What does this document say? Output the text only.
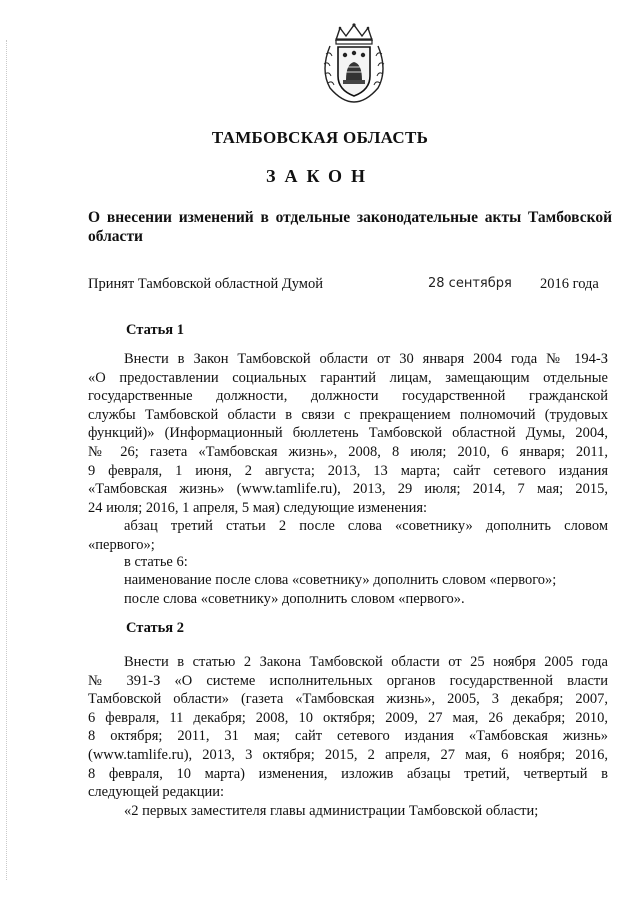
ТАМБОВСКАЯ ОБЛАСТЬ
ЗАКОН
О внесении изменений в отдельные законодательные акты Тамбовской области
Принят Тамбовской областной Думой	28 сентября 2016 года
Статья 1
Внести в Закон Тамбовской области от 30 января 2004 года № 194-З
«О предоставлении социальных гарантий лицам, замещающим отдельные
государственные должности, должности государственной гражданской
службы Тамбовской области в связи с прекращением полномочий (трудовых
функций)» (Информационный бюллетень Тамбовской областной Думы, 2004,
№ 26; газета «Тамбовская жизнь», 2008, 8 июля; 2010, 6 января; 2011,
9 февраля, 1 июня, 2 августа; 2013, 13 марта; сайт сетевого издания
«Тамбовская жизнь» (www.tamlife.ru), 2013, 29 июля; 2014, 7 мая; 2015,
24 июля; 2016, 1 апреля, 5 мая) следующие изменения:
абзац третий статьи 2 после слова «советнику» дополнить словом
«первого»;
в статье 6:
наименование после слова «советнику» дополнить словом «первого»;
после слова «советнику» дополнить словом «первого».
Статья 2
Внести в статью 2 Закона Тамбовской области от 25 ноября 2005 года
№ 391-З «О системе исполнительных органов государственной власти
Тамбовской области» (газета «Тамбовская жизнь», 2005, 3 декабря; 2007,
6 февраля, 11 декабря; 2008, 10 октября; 2009, 27 мая, 26 декабря; 2010,
8 октября; 2011, 31 мая; сайт сетевого издания «Тамбовская жизнь»
(www.tamlife.ru), 2013, 3 октября; 2015, 2 апреля, 27 мая, 6 ноября; 2016,
8 февраля, 10 марта) изменения, изложив абзацы третий, четвертый в
следующей редакции:
«2 первых заместителя главы администрации Тамбовской области;
